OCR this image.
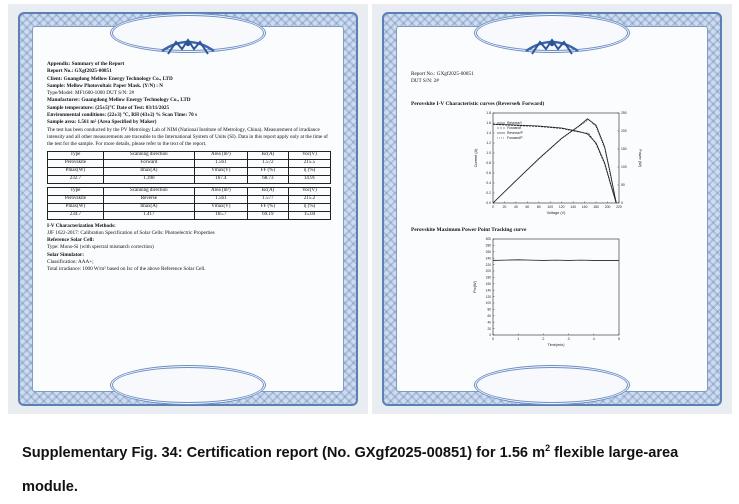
Appendix: Summary of the Report
Report No.: GXgf2025-00851
Client: Guangdong Mellow Energy Technology Co., LTD
Sample: Mellow Photovoltaic Paper Mask. (Y/N) : N
Type/Model: MF1600-1000 DUT S/N: 2#
Manufacturer: Guangdong Mellow Energy Technology Co., LTD
Sample temperature: (25±5)°C Date of Test: 03/11/2025
Environmental conditions: (22±3) °C, RH (43±2) % Scan Time: 70 s
Sample area: 1.561 m² (Area Specified by Maker)
The test has been conducted by the PV Metrology Lab of NIM (National Institute of Metrology, China). Measurement of irradiance intensity and all other measurements are traceable to the International System of Units (SI). Data in this report apply only at the time of the test for the sample. For more details, please refer to the text of the report.
Type	Scanning direction	Area (m²)	Isc(A)	Voc(V)
Perovskite	Forward	1.561	1.572	215.5
Pmax(W)	Imax(A)	Vmax(V)	FF (%)	η (%)
232.7	1.390	167.4	68.73	14.91
Type	Scanning direction	Area (m²)	Isc(A)	Voc(V)
Perovskite	Reverse	1.561	1.577	215.2
Pmax(W)	Imax(A)	Vmax(V)	FF (%)	η (%)
234.7	1.417	165.7	69.19	15.04
I-V Characterization Methods:
JJF 1622-2017: Calibration Specification of Solar Cells: Photoelectric Properties
Reference Solar Cell:
Type: Mono-Si (with spectral mismatch correction)
Solar Simulator:
Classification: AAA+;
Total irradiance: 1000 W/m² based on Isc of the above Reference Solar Cell.
Report No.: GXgf2025-00851
DUT S/N: 2#
Perovskite I-V Characteristic curves (Reverse& Forward)
0	20 40 60 80 100 120 140 160 180 200 220
0.0
0.2
0.4
0.6
0.8
1.0
1.2
1.4
1.6
1.8
0
50
100
150
200
250
Voltage (V)
Current (A)	Power (W)
Reverse/I
Forward/I
Reverse/P
Forward/P
Perovskite Maximum Power Point Tracking curve
0	1	2	3	4	5
0
20
40
60
80
100
120
140
160
180
200
220
240
260
280
300
Time(min)
Pm(W)
Supplementary Fig. 34: Certification report (No. GXgf2025-00851) for 1.56 $m^2$ flexible large-area module.
